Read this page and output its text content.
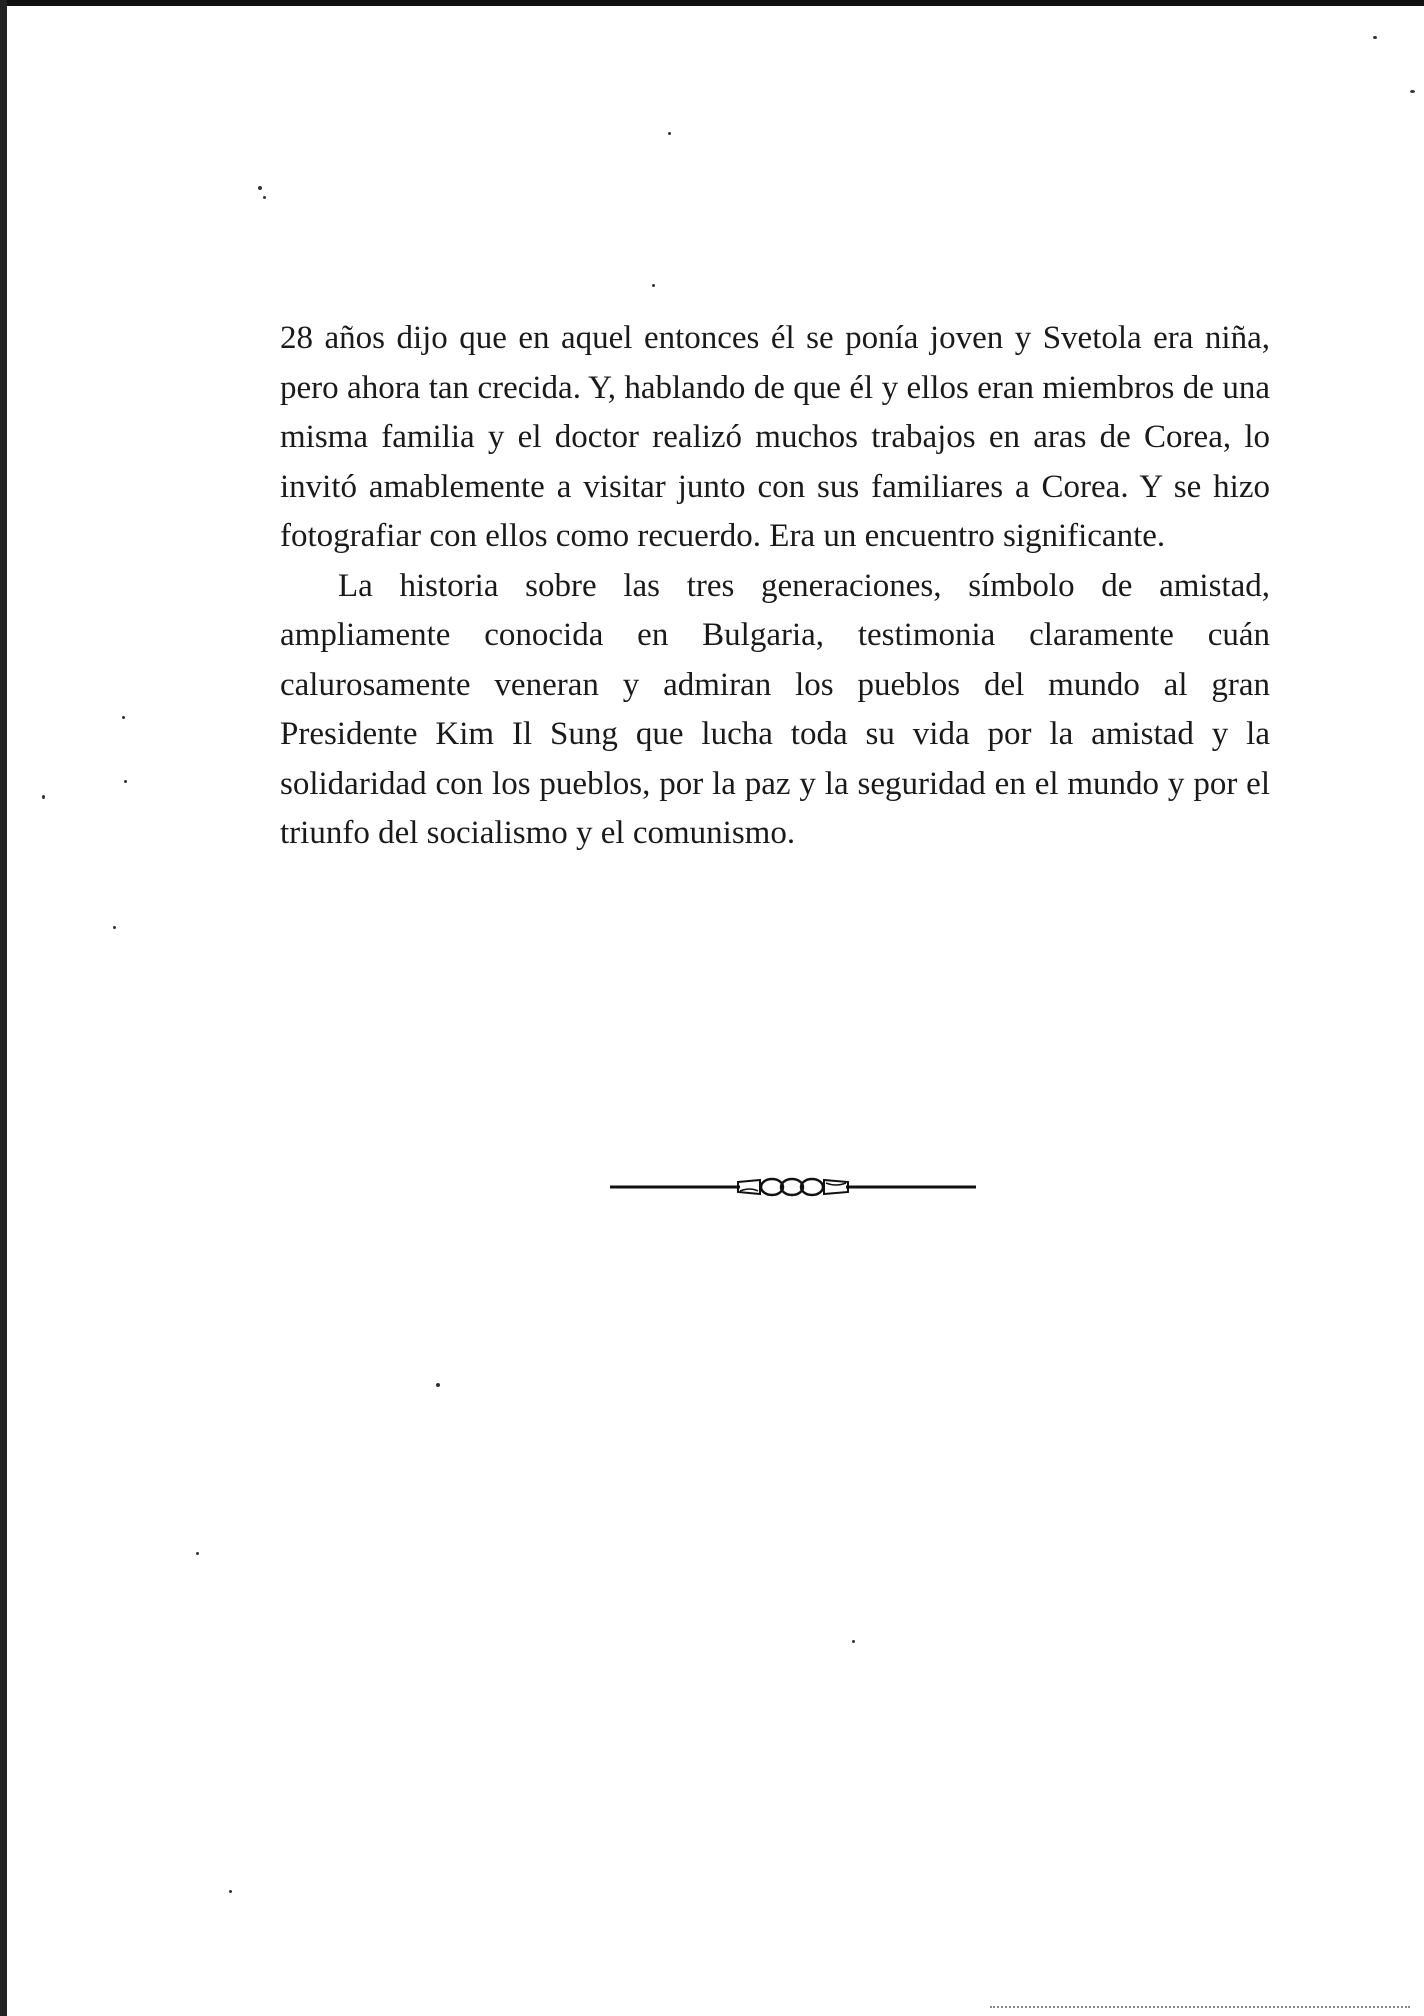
28 años dijo que en aquel entonces él se ponía joven y Svetola era niña, pero ahora tan crecida. Y, hablando de que él y ellos eran miembros de una misma familia y el doctor realizó muchos trabajos en aras de Corea, lo invitó amablemente a visitar junto con sus familiares a Corea. Y se hizo fotografiar con ellos como recuerdo. Era un encuentro significante.

La historia sobre las tres generaciones, símbolo de amistad, ampliamente conocida en Bulgaria, testimonia claramente cuán calurosamente veneran y admiran los pueblos del mundo al gran Presidente Kim Il Sung que lucha toda su vida por la amistad y la solidaridad con los pueblos, por la paz y la seguridad en el mundo y por el triunfo del socialismo y el comunismo.
